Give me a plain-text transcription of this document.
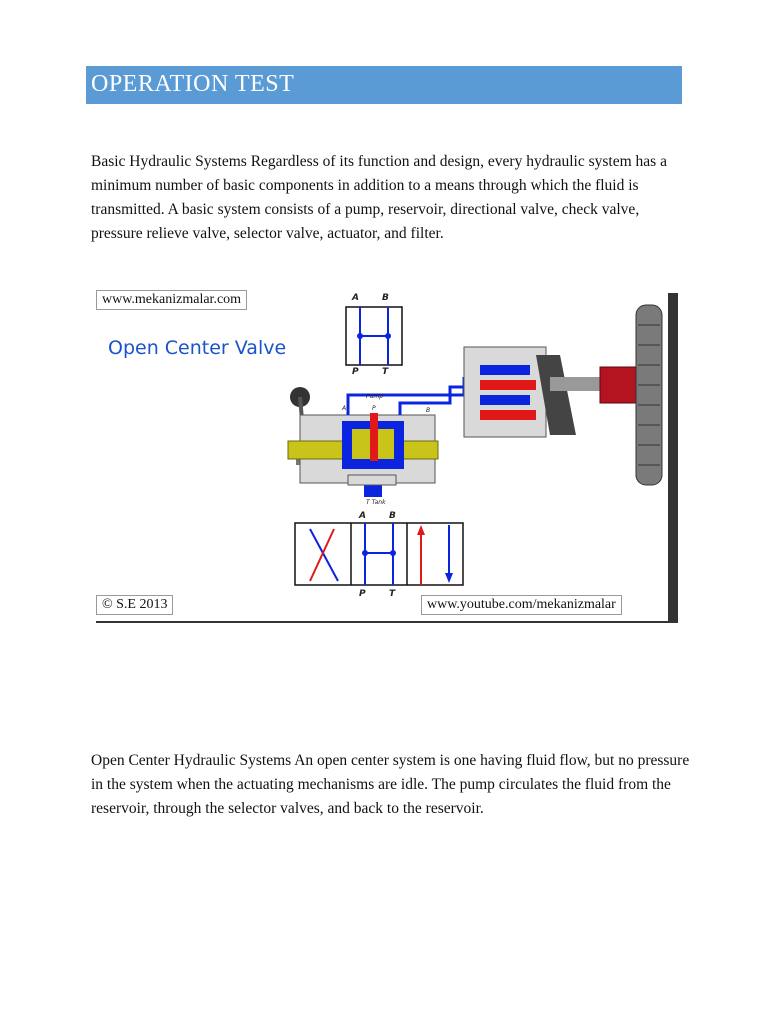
OPERATION TEST

Basic Hydraulic Systems Regardless of its function and design, every hydraulic system has a minimum number of basic components in addition to a means through which the fluid is transmitted. A basic system consists of a pump, reservoir, directional valve, check valve, pressure relieve valve, selector valve, actuator, and filter.

www.mekanizmalar.com
Open Center Valve
A	B
P	T
Pump
A	P	B
T Tank
A	B
P	T
© S.E 2013	www.youtube.com/mekanizmalar

Open Center Hydraulic Systems An open center system is one having fluid flow, but no pressure in the system when the actuating mechanisms are idle. The pump circulates the fluid from the reservoir, through the selector valves, and back to the reservoir.
